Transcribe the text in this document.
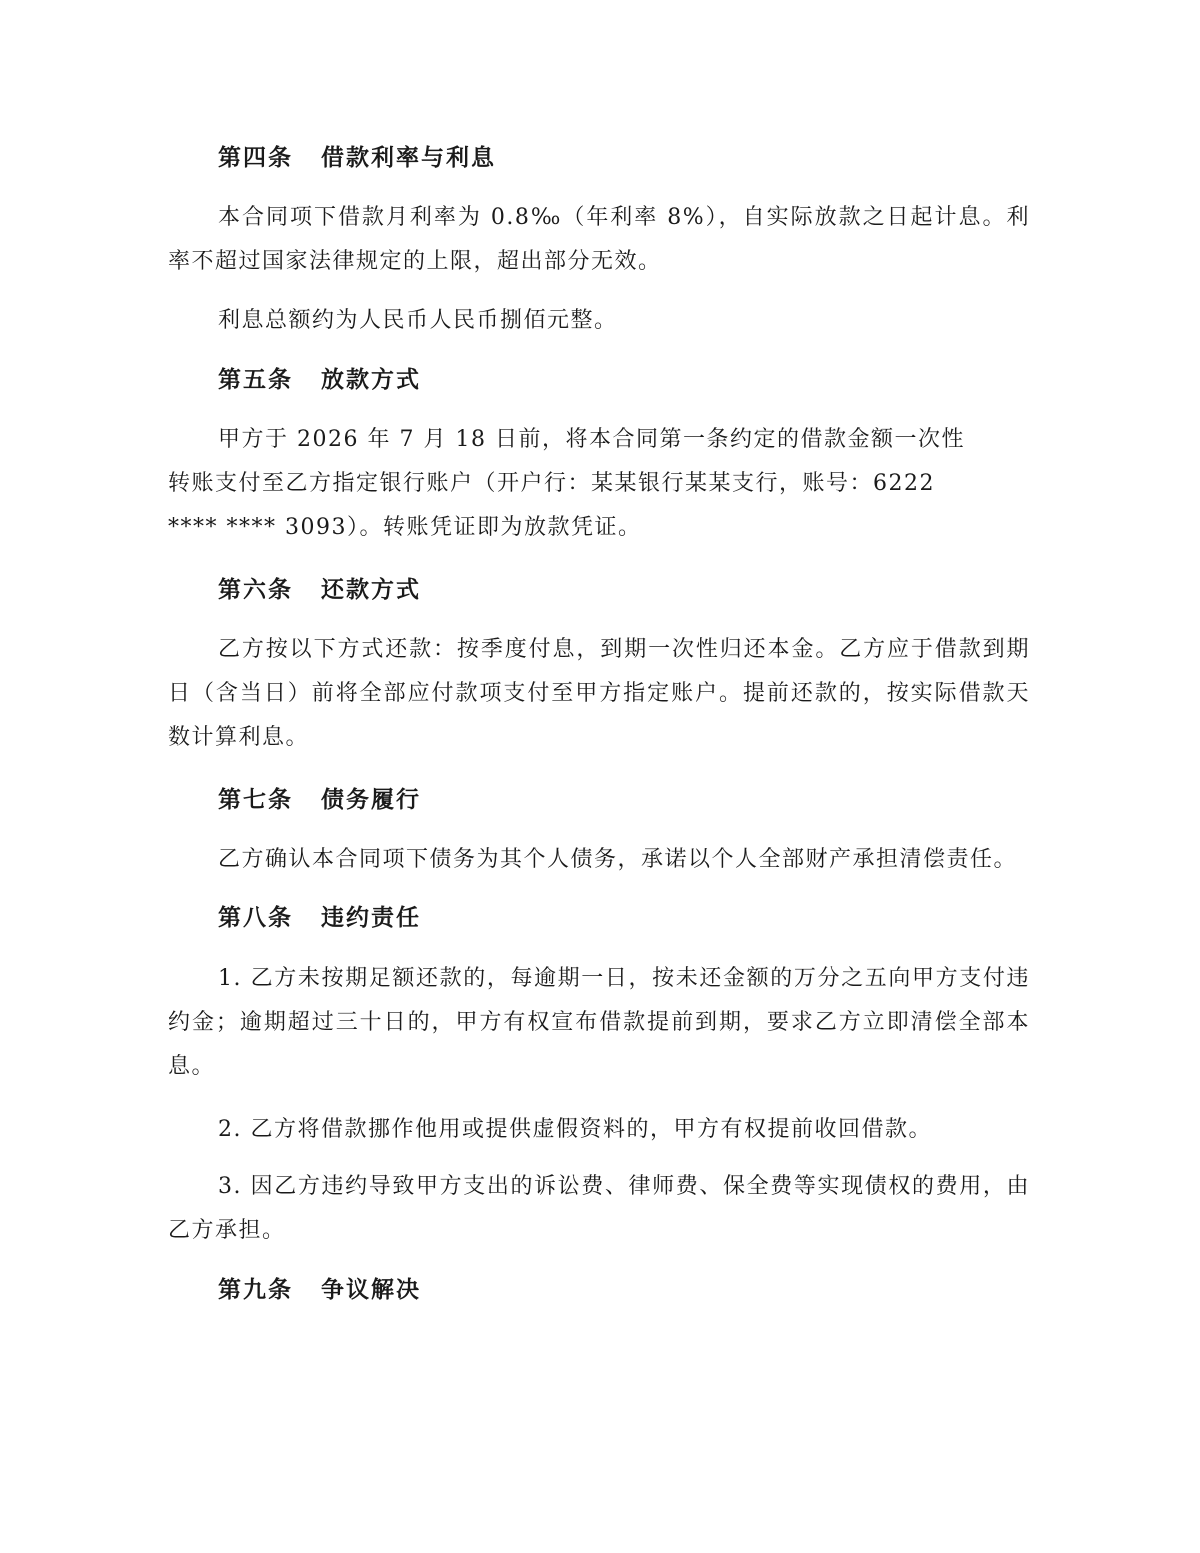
第四条 借款利率与利息

本合同项下借款月利率为 0.8‰（年利率 8%），自实际放款之日起计息。利率不超过国家法律规定的上限，超出部分无效。

利息总额约为人民币人民币捌佰元整。

第五条 放款方式

甲方于 2026 年 7 月 18 日前，将本合同第一条约定的借款金额一次性转账支付至乙方指定银行账户（开户行：某某银行某某支行，账号：6222 **** **** 3093）。转账凭证即为放款凭证。

第六条 还款方式

乙方按以下方式还款：按季度付息，到期一次性归还本金。乙方应于借款到期日（含当日）前将全部应付款项支付至甲方指定账户。提前还款的，按实际借款天数计算利息。

第七条 债务履行

乙方确认本合同项下债务为其个人债务，承诺以个人全部财产承担清偿责任。

第八条 违约责任

1. 乙方未按期足额还款的，每逾期一日，按未还金额的万分之五向甲方支付违约金；逾期超过三十日的，甲方有权宣布借款提前到期，要求乙方立即清偿全部本息。

2. 乙方将借款挪作他用或提供虚假资料的，甲方有权提前收回借款。

3. 因乙方违约导致甲方支出的诉讼费、律师费、保全费等实现债权的费用，由乙方承担。

第九条 争议解决
